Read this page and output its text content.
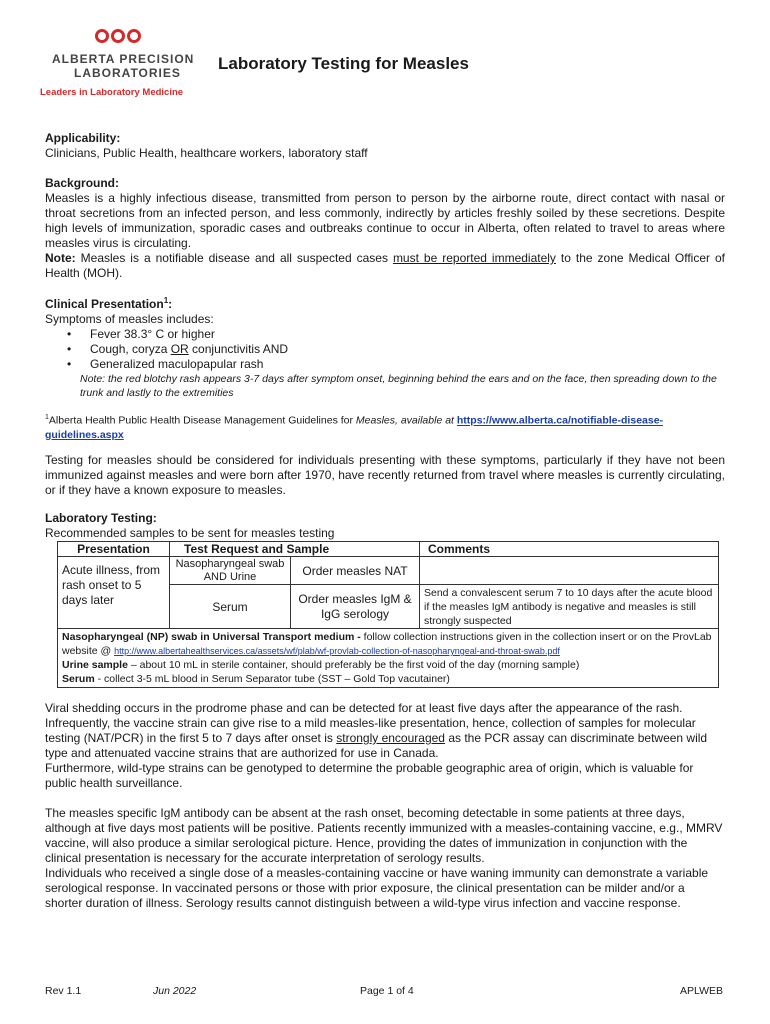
ALBERTA PRECISION
LABORATORIES
Leaders in Laboratory Medicine
Laboratory Testing for Measles
Applicability:
Clinicians, Public Health, healthcare workers, laboratory staff
Background:
Measles is a highly infectious disease, transmitted from person to person by the airborne route, direct contact with nasal or throat secretions from an infected person, and less commonly, indirectly by articles freshly soiled by these secretions. Despite high levels of immunization, sporadic cases and outbreaks continue to occur in Alberta, often related to travel to areas where measles virus is circulating.
Note: Measles is a notifiable disease and all suspected cases must be reported immediately to the zone Medical Officer of Health (MOH).
Clinical Presentation$^1$:
Symptoms of measles includes:
• Fever 38.3° C or higher
• Cough, coryza OR conjunctivitis AND
• Generalized maculopapular rash
Note: the red blotchy rash appears 3-7 days after symptom onset, beginning behind the ears and on the face, then spreading down to the trunk and lastly to the extremities
$^1$Alberta Health Public Health Disease Management Guidelines for Measles, available at https://www.alberta.ca/notifiable-disease-guidelines.aspx
Testing for measles should be considered for individuals presenting with these symptoms, particularly if they have not been immunized against measles and were born after 1970, have recently returned from travel where measles is currently circulating, or if they have a known exposure to measles.
Laboratory Testing:
Recommended samples to be sent for measles testing
Presentation	Test Request and Sample		Comments
Acute illness, from rash onset to 5 days later	Nasopharyngeal swab AND Urine	Order measles NAT	
	Serum	Order measles IgM & IgG serology	Send a convalescent serum 7 to 10 days after the acute blood if the measles IgM antibody is negative and measles is still strongly suspected

Nasopharyngeal (NP) swab in Universal Transport medium - follow collection instructions given in the collection insert or on the ProvLab website @ http://www.albertahealthservices.ca/assets/wf/plab/wf-provlab-collection-of-nasopharyngeal-and-throat-swab.pdf
Urine sample – about 10 mL in sterile container, should preferably be the first void of the day (morning sample)
Serum - collect 3-5 mL blood in Serum Separator tube (SST – Gold Top vacutainer)			
Viral shedding occurs in the prodrome phase and can be detected for at least five days after the appearance of the rash. Infrequently, the vaccine strain can give rise to a mild measles-like presentation, hence, collection of samples for molecular testing (NAT/PCR) in the first 5 to 7 days after onset is strongly encouraged as the PCR assay can discriminate between wild type and attenuated vaccine strains that are authorized for use in Canada.
Furthermore, wild-type strains can be genotyped to determine the probable geographic area of origin, which is valuable for public health surveillance.
The measles specific IgM antibody can be absent at the rash onset, becoming detectable in some patients at three days, although at five days most patients will be positive. Patients recently immunized with a measles-containing vaccine, e.g., MMRV vaccine, will also produce a similar serological picture. Hence, providing the dates of immunization in conjunction with the clinical presentation is necessary for the accurate interpretation of serology results.
Individuals who received a single dose of a measles-containing vaccine or have waning immunity can demonstrate a variable serological response. In vaccinated persons or those with prior exposure, the clinical presentation can be milder and/or a shorter duration of illness. Serology results cannot distinguish between a wild-type virus infection and vaccine response.
Rev 1.1	Jun 2022	Page 1 of 4	APLWEB
